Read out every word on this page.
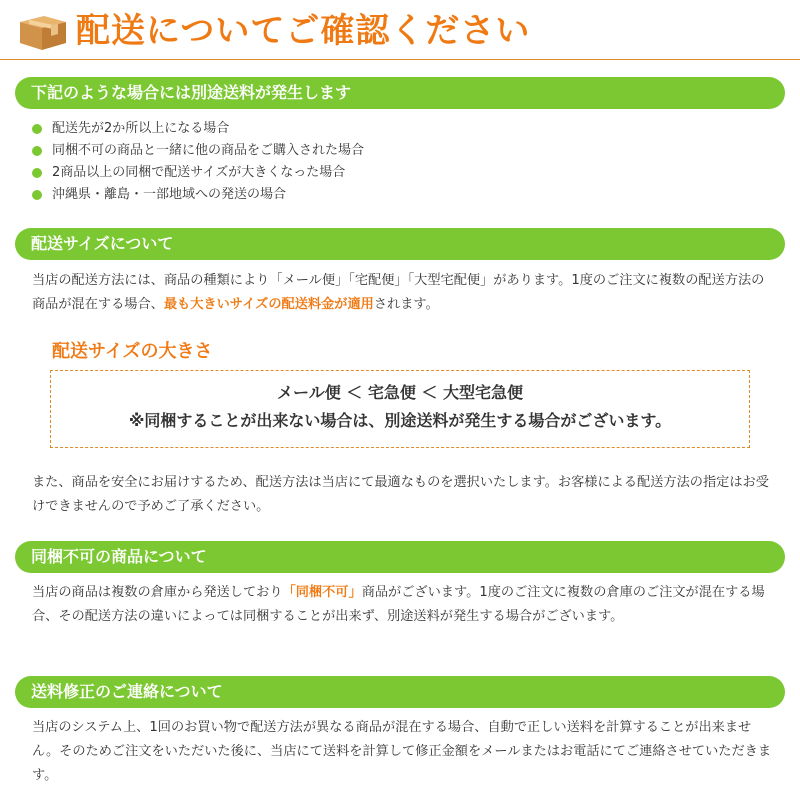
配送についてご確認ください
下記のような場合には別途送料が発生します
配送先が2か所以上になる場合
同梱不可の商品と一緒に他の商品をご購入された場合
2商品以上の同梱で配送サイズが大きくなった場合
沖縄県・離島・一部地域への発送の場合
配送サイズについて

当店の配送方法には、商品の種類により「メール便」「宅配便」「大型宅配便」があります。1度のご注文に複数の配送方法の商品が混在する場合、最も大きいサイズの配送料金が適用されます。

配送サイズの大きさ
メール便 ＜ 宅急便 ＜ 大型宅急便
※同梱することが出来ない場合は、別途送料が発生する場合がございます。

また、商品を安全にお届けするため、配送方法は当店にて最適なものを選択いたします。お客様による配送方法の指定はお受けできませんので予めご了承ください。

同梱不可の商品について

当店の商品は複数の倉庫から発送しており「同梱不可」商品がございます。1度のご注文に複数の倉庫のご注文が混在する場合、その配送方法の違いによっては同梱することが出来ず、別途送料が発生する場合がございます。

送料修正のご連絡について

当店のシステム上、1回のお買い物で配送方法が異なる商品が混在する場合、自動で正しい送料を計算することが出来ません。そのためご注文をいただいた後に、当店にて送料を計算して修正金額をメールまたはお電話にてご連絡させていただきます。
